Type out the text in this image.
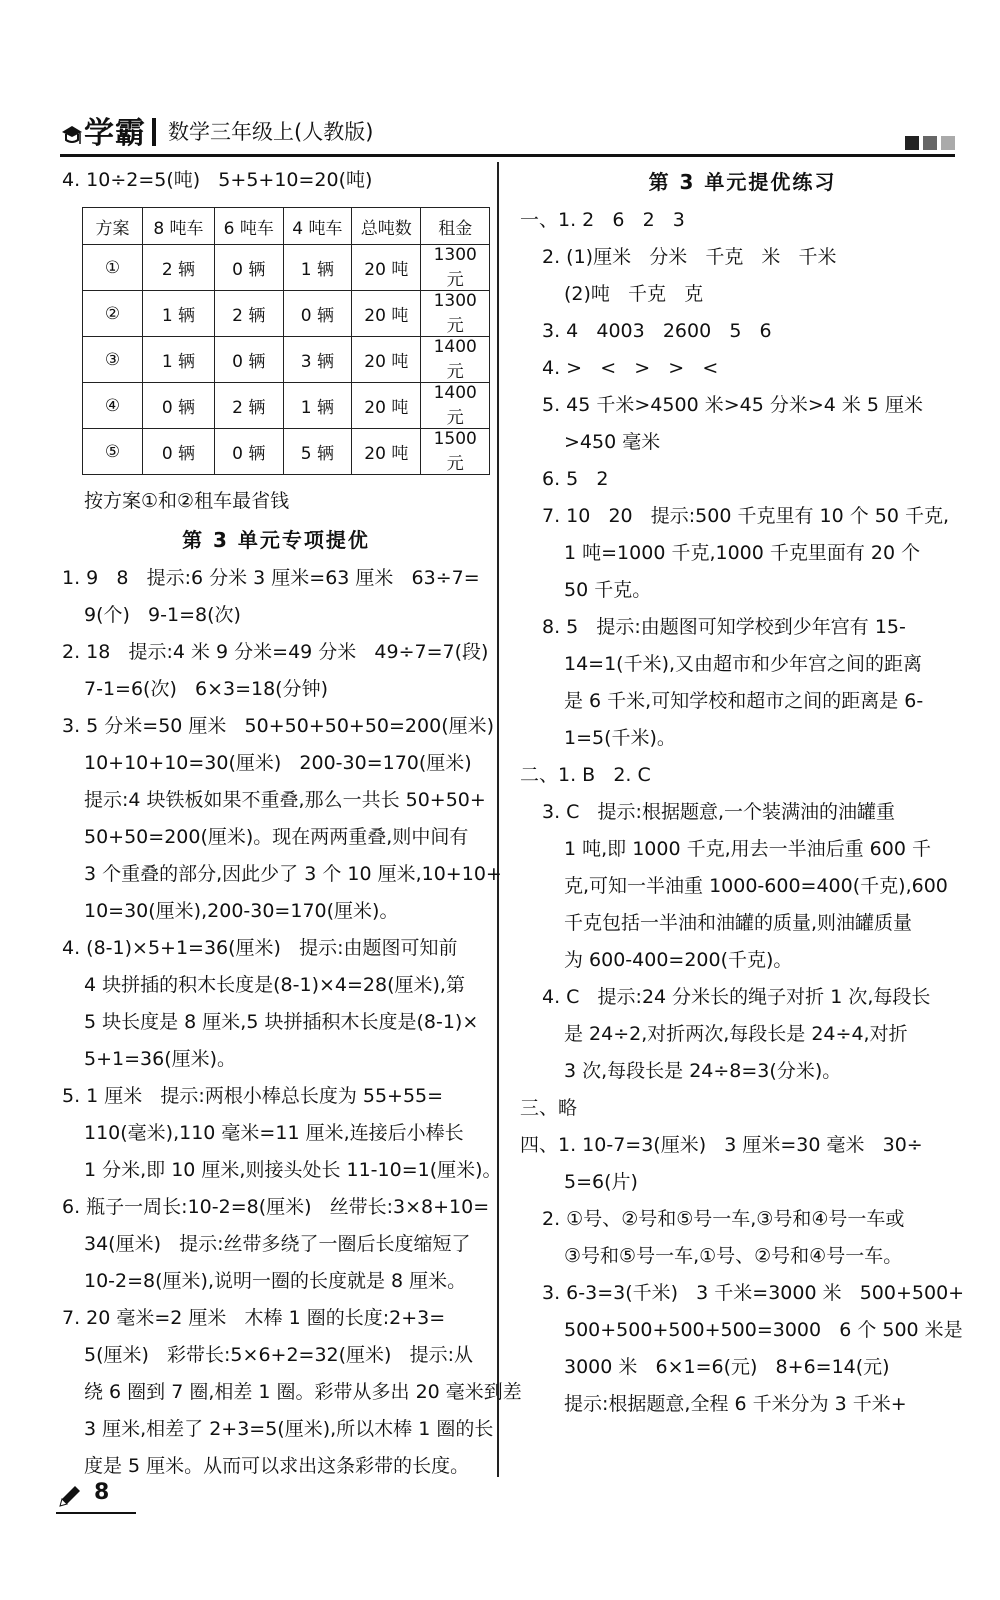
学霸 数学三年级上(人教版)
4. 10÷2=5(吨)   5+5+10=20(吨)
方案	8 吨车	6 吨车	4 吨车	总吨数	租金
①	2 辆	0 辆	1 辆	20 吨	1300 元
②	1 辆	2 辆	0 辆	20 吨	1300 元
③	1 辆	0 辆	3 辆	20 吨	1400 元
④	0 辆	2 辆	1 辆	20 吨	1400 元
⑤	0 辆	0 辆	5 辆	20 吨	1500 元
按方案①和②租车最省钱
第 3 单元专项提优
1. 9   8   提示:6 分米 3 厘米=63 厘米   63÷7=
9(个)   9-1=8(次)
2. 18   提示:4 米 9 分米=49 分米   49÷7=7(段)
7-1=6(次)   6×3=18(分钟)
3. 5 分米=50 厘米   50+50+50+50=200(厘米)
10+10+10=30(厘米)   200-30=170(厘米)
提示:4 块铁板如果不重叠,那么一共长 50+50+
50+50=200(厘米)。现在两两重叠,则中间有
3 个重叠的部分,因此少了 3 个 10 厘米,10+10+
10=30(厘米),200-30=170(厘米)。
4. (8-1)×5+1=36(厘米)   提示:由题图可知前
4 块拼插的积木长度是(8-1)×4=28(厘米),第
5 块长度是 8 厘米,5 块拼插积木长度是(8-1)×
5+1=36(厘米)。
5. 1 厘米   提示:两根小棒总长度为 55+55=
110(毫米),110 毫米=11 厘米,连接后小棒长
1 分米,即 10 厘米,则接头处长 11-10=1(厘米)。
6. 瓶子一周长:10-2=8(厘米)   丝带长:3×8+10=
34(厘米)   提示:丝带多绕了一圈后长度缩短了
10-2=8(厘米),说明一圈的长度就是 8 厘米。
7. 20 毫米=2 厘米   木棒 1 圈的长度:2+3=
5(厘米)   彩带长:5×6+2=32(厘米)   提示:从
绕 6 圈到 7 圈,相差 1 圈。彩带从多出 20 毫米到差
3 厘米,相差了 2+3=5(厘米),所以木棒 1 圈的长
度是 5 厘米。从而可以求出这条彩带的长度。
第 3 单元提优练习
一、1. 2   6   2   3
2. (1)厘米   分米   千克   米   千米
(2)吨   千克   克
3. 4   4003   2600   5   6
4. >   <   >   >   <
5. 45 千米>4500 米>45 分米>4 米 5 厘米
>450 毫米
6. 5   2
7. 10   20   提示:500 千克里有 10 个 50 千克,
1 吨=1000 千克,1000 千克里面有 20 个
50 千克。
8. 5   提示:由题图可知学校到少年宫有 15-
14=1(千米),又由超市和少年宫之间的距离
是 6 千米,可知学校和超市之间的距离是 6-
1=5(千米)。
二、1. B   2. C
3. C   提示:根据题意,一个装满油的油罐重
1 吨,即 1000 千克,用去一半油后重 600 千
克,可知一半油重 1000-600=400(千克),600
千克包括一半油和油罐的质量,则油罐质量
为 600-400=200(千克)。
4. C   提示:24 分米长的绳子对折 1 次,每段长
是 24÷2,对折两次,每段长是 24÷4,对折
3 次,每段长是 24÷8=3(分米)。
三、略
四、1. 10-7=3(厘米)   3 厘米=30 毫米   30÷
5=6(片)
2. ①号、②号和⑤号一车,③号和④号一车或
③号和⑤号一车,①号、②号和④号一车。
3. 6-3=3(千米)   3 千米=3000 米   500+500+
500+500+500+500=3000   6 个 500 米是
3000 米   6×1=6(元)   8+6=14(元)
提示:根据题意,全程 6 千米分为 3 千米+
8
